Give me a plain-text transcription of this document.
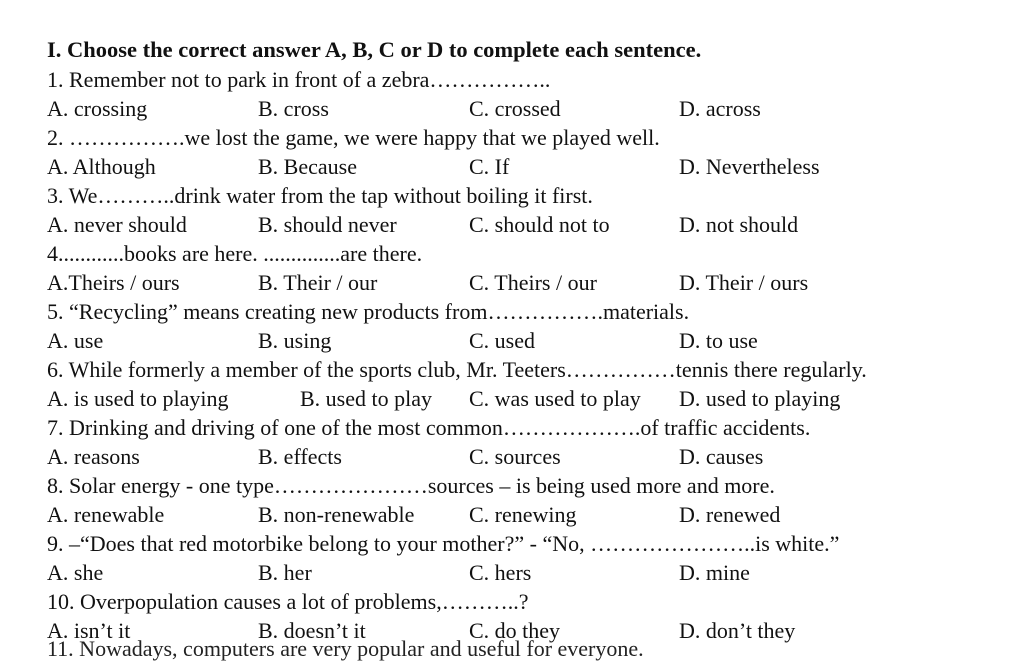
I. Choose the correct answer A, B, C or D to complete each sentence.
1. Remember not to park in front of a zebra……………..
A. crossing	B. cross	C. crossed	D. across
2. …………….we lost the game, we were happy that we played well.
A. Although	B. Because	C. If	D. Nevertheless
3. We………..drink water from the tap without boiling it first.
A. never should	B. should never	C. should not to	D. not should
4............books are here. ..............are there.
A.Theirs / ours	B. Their / our	C. Theirs / our	D. Their / ours
5. “Recycling” means creating new products from…………….materials.
A. use	B. using	C. used	D. to use
6. While formerly a member of the sports club, Mr. Teeters……………tennis there regularly.
A. is used to playing	B. used to play C. was used to play D. used to playing
7. Drinking and driving of one of the most common……………….of traffic accidents.
A. reasons	B. effects	C. sources	D. causes
8. Solar energy - one type…………………sources – is being used more and more.
A. renewable	B. non-renewable C. renewing	D. renewed
9. –“Does that red motorbike belong to your mother?” - “No, …………………..is white.”
A. she	B. her	C. hers	D. mine
10. Overpopulation causes a lot of problems,………..?
A. isn’t it	B. doesn’t it	C. do they	D. don’t they
11. Nowadays, computers are very popular and useful for everyone.
